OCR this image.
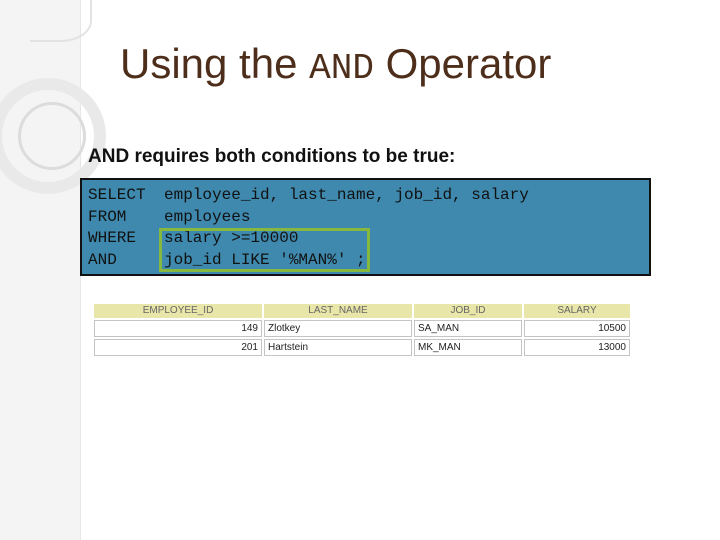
Using the AND Operator

AND requires both conditions to be true:

SELECT employee_id, last_name, job_id, salary
FROM employees
WHERE salary >=10000
AND	job_id LIKE '%MAN%' ;
EMPLOYEE_ID	LAST_NAME	JOB_ID	SALARY
149	Zlotkey	SA_MAN	10500
201	Hartstein	MK_MAN	13000
